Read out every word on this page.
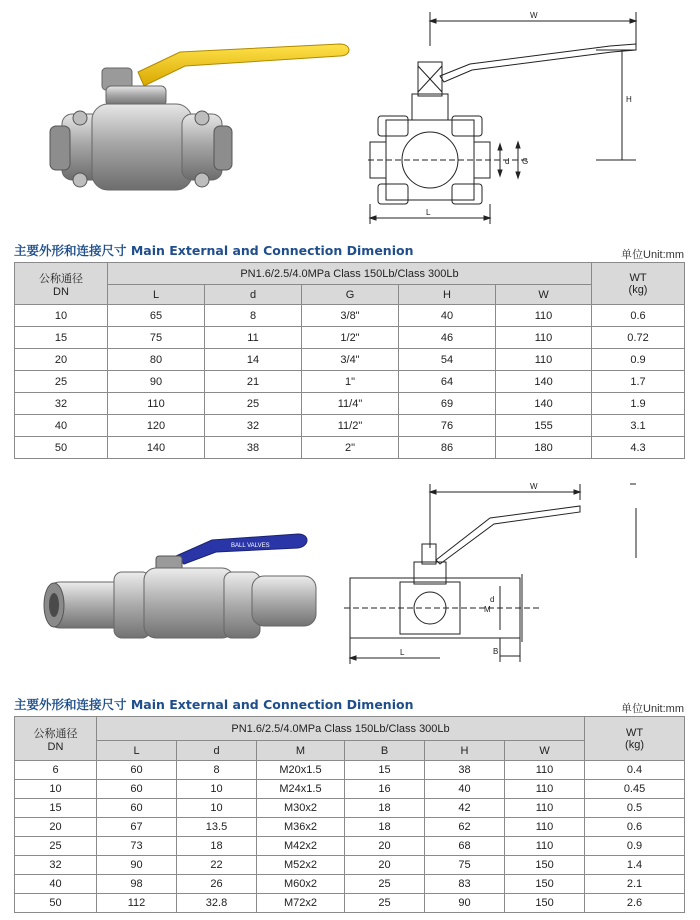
W
H
d G
L
主要外形和连接尺寸 Main External and Connection Dimenion	单位Unit:mm
公称通径
DN	PN1.6/2.5/4.0MPa Class 150Lb/Class 300Lb					WT
(kg)
	L	d	G	H	W	
10	65	8	3/8"	40	110	0.6
15	75	11	1/2"	46	110	0.72
20	80	14	3/4"	54	110	0.9
25	90	21	1"	64	140	1.7
32	110	25	11/4"	69	140	1.9
40	120	32	11/2"	76	155	3.1
50	140	38	2"	86	180	4.3
BALL VALVES
W
M
d
B
L
主要外形和连接尺寸 Main External and Connection Dimenion	单位Unit:mm
公称通径
DN	PN1.6/2.5/4.0MPa Class 150Lb/Class 300Lb						WT
(kg)
	L	d	M	B	H	W	
6	60	8	M20x1.5	15	38	110	0.4
10	60	10	M24x1.5	16	40	110	0.45
15	60	10	M30x2	18	42	110	0.5
20	67	13.5	M36x2	18	62	110	0.6
25	73	18	M42x2	20	68	110	0.9
32	90	22	M52x2	20	75	150	1.4
40	98	26	M60x2	25	83	150	2.1
50	112	32.8	M72x2	25	90	150	2.6
